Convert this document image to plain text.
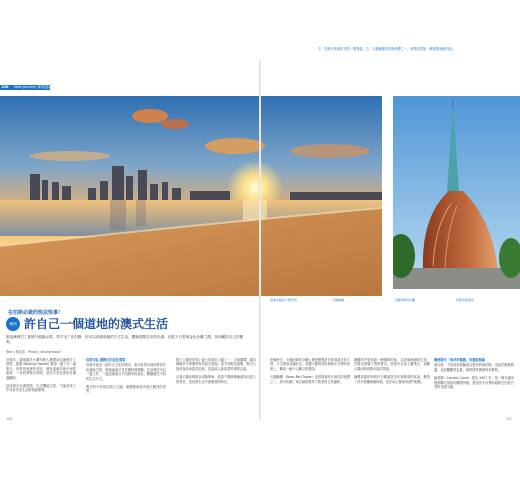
左：伯斯市的城市美景一覽無遺；右：天鵝鐘樓是伯斯地標之一，建築造型如一艘展開風帆的船。
106 New Journey 新旅途計畫
伯斯市區的夕陽景色	天鵝鐘樓	天鵝河畔的沙灘	伯斯市區風景
在伯斯必做的怪法怪事！
澳洲 許自己一個道地的澳式生活
誰說澳洲打工度假只能摘水果、剪羊毛？在伯斯，你可以用最道地的方式生活，體驗悠閒自在的步調，在藍天白雲與金色沙灘之間，找到屬於自己的節奏。
Text | 林佳如　Photo | shutterstock
近幾年，越來越多台灣年輕人選擇前往澳洲打工度假，透過 Working Holiday 簽證一邊工作一邊旅行。伯斯是西澳的首府，擁有溫和的地中海型氣候，一年四季陽光普照，是許多背包客的首選落腳地。
這座城市步調悠閒，生活機能完善，不論是找工作或是享受生活都相當便利。
伯斯市區 國際化的居住環境
伯斯市區是一個多元文化的城市，來自世界各地的移民在此落地生根，街頭處處可見各國料理餐廳。在這裡你可以一邊工作，一邊認識來自不同國家的朋友，體驗截然不同的生活方式。
假日時不妨前往國王公園，俯瞰整座城市與天鵝河的美景。
國王公園是世界上最大的城市公園之一，占地廣闊，園內種植許多西澳特有的原生植物。春天時野花盛開，吸引大批遊客前來賞花拍照，是當地人最喜愛的休閒去處。
沿著天鵝河畔散步或騎單車，欣賞夕陽餘暉灑落在河面上的景色，是伯斯生活中最愜意的時光。
傍晚時分，天鵝河畔的沙灘上總是聚集許多欣賞落日的人們。天空被染成橘紅色，高樓大廈的剪影倒映在平靜的河面上，構成一幅令人難忘的畫面。
天鵝鐘樓（Swan Bell Tower）是伯斯最具代表性的地標之一，塔內收藏了來自倫敦聖馬丁教堂的古老鐘鈴。
鐘樓的外型宛如一艘揚帆的船，以玻璃與銅材打造，在陽光照耀下閃閃發光。遊客可以登上觀景台，遠眺天鵝河與伯斯市區的景致。
鐘樓周邊的伊莉莎白碼頭是近年新開發的區域，聚集了許多餐廳與咖啡館，是在地人聚會的熱門地點。
擁抱陽光「南洋杉樹叢」的藝術與綠
週末時，不妨搭乘渡輪前往對岸的南伯斯，造訪伯斯動物園，近距離觀察袋鼠、無尾熊等澳洲特有動物。
倫敦閣（London Court）建於 1937 年，是一條充滿英國都鐸式風格的購物拱廊，漫步其中彷彿穿越時空回到古老的英國小鎮。
106	107
